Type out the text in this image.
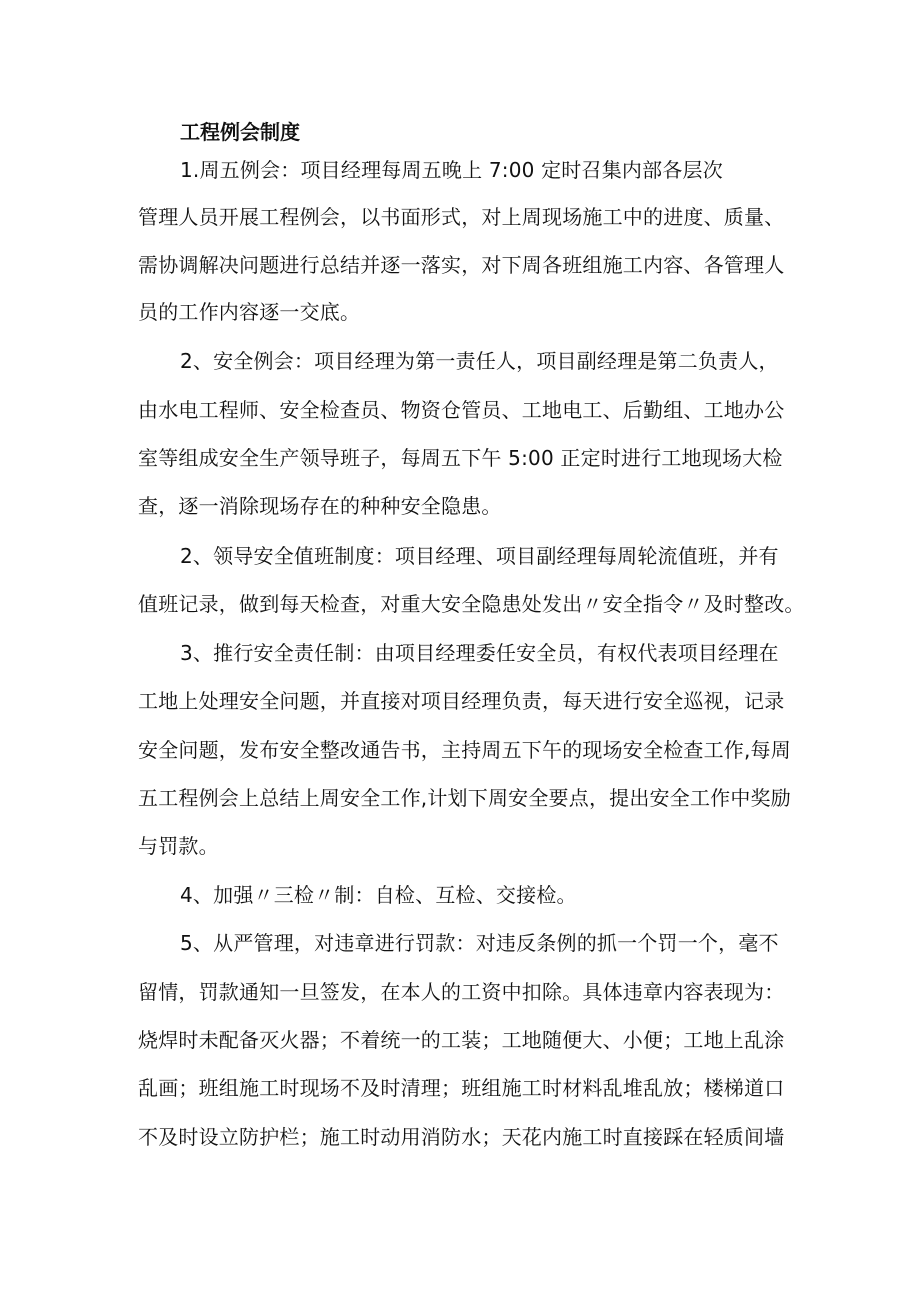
工程例会制度
1.周五例会：项目经理每周五晚上 7:00 定时召集内部各层次
管理人员开展工程例会，以书面形式，对上周现场施工中的进度、质量、
需协调解决问题进行总结并逐一落实，对下周各班组施工内容、各管理人
员的工作内容逐一交底。
2、安全例会：项目经理为第一责任人，项目副经理是第二负责人，
由水电工程师、安全检查员、物资仓管员、工地电工、后勤组、工地办公
室等组成安全生产领导班子，每周五下午 5:00 正定时进行工地现场大检
查，逐一消除现场存在的种种安全隐患。
2、领导安全值班制度：项目经理、项目副经理每周轮流值班，并有
值班记录，做到每天检查，对重大安全隐患处发出〃安全指令〃及时整改。
3、推行安全责任制：由项目经理委任安全员，有权代表项目经理在
工地上处理安全问题，并直接对项目经理负责，每天进行安全巡视，记录
安全问题，发布安全整改通告书，主持周五下午的现场安全检查工作,每周
五工程例会上总结上周安全工作,计划下周安全要点，提出安全工作中奖励
与罚款。
4、加强〃三检〃制：自检、互检、交接检。
5、从严管理，对违章进行罚款：对违反条例的抓一个罚一个，毫不
留情，罚款通知一旦签发，在本人的工资中扣除。具体违章内容表现为：
烧焊时未配备灭火器；不着统一的工装；工地随便大、小便；工地上乱涂
乱画；班组施工时现场不及时清理；班组施工时材料乱堆乱放；楼梯道口
不及时设立防护栏；施工时动用消防水；天花内施工时直接踩在轻质间墙
